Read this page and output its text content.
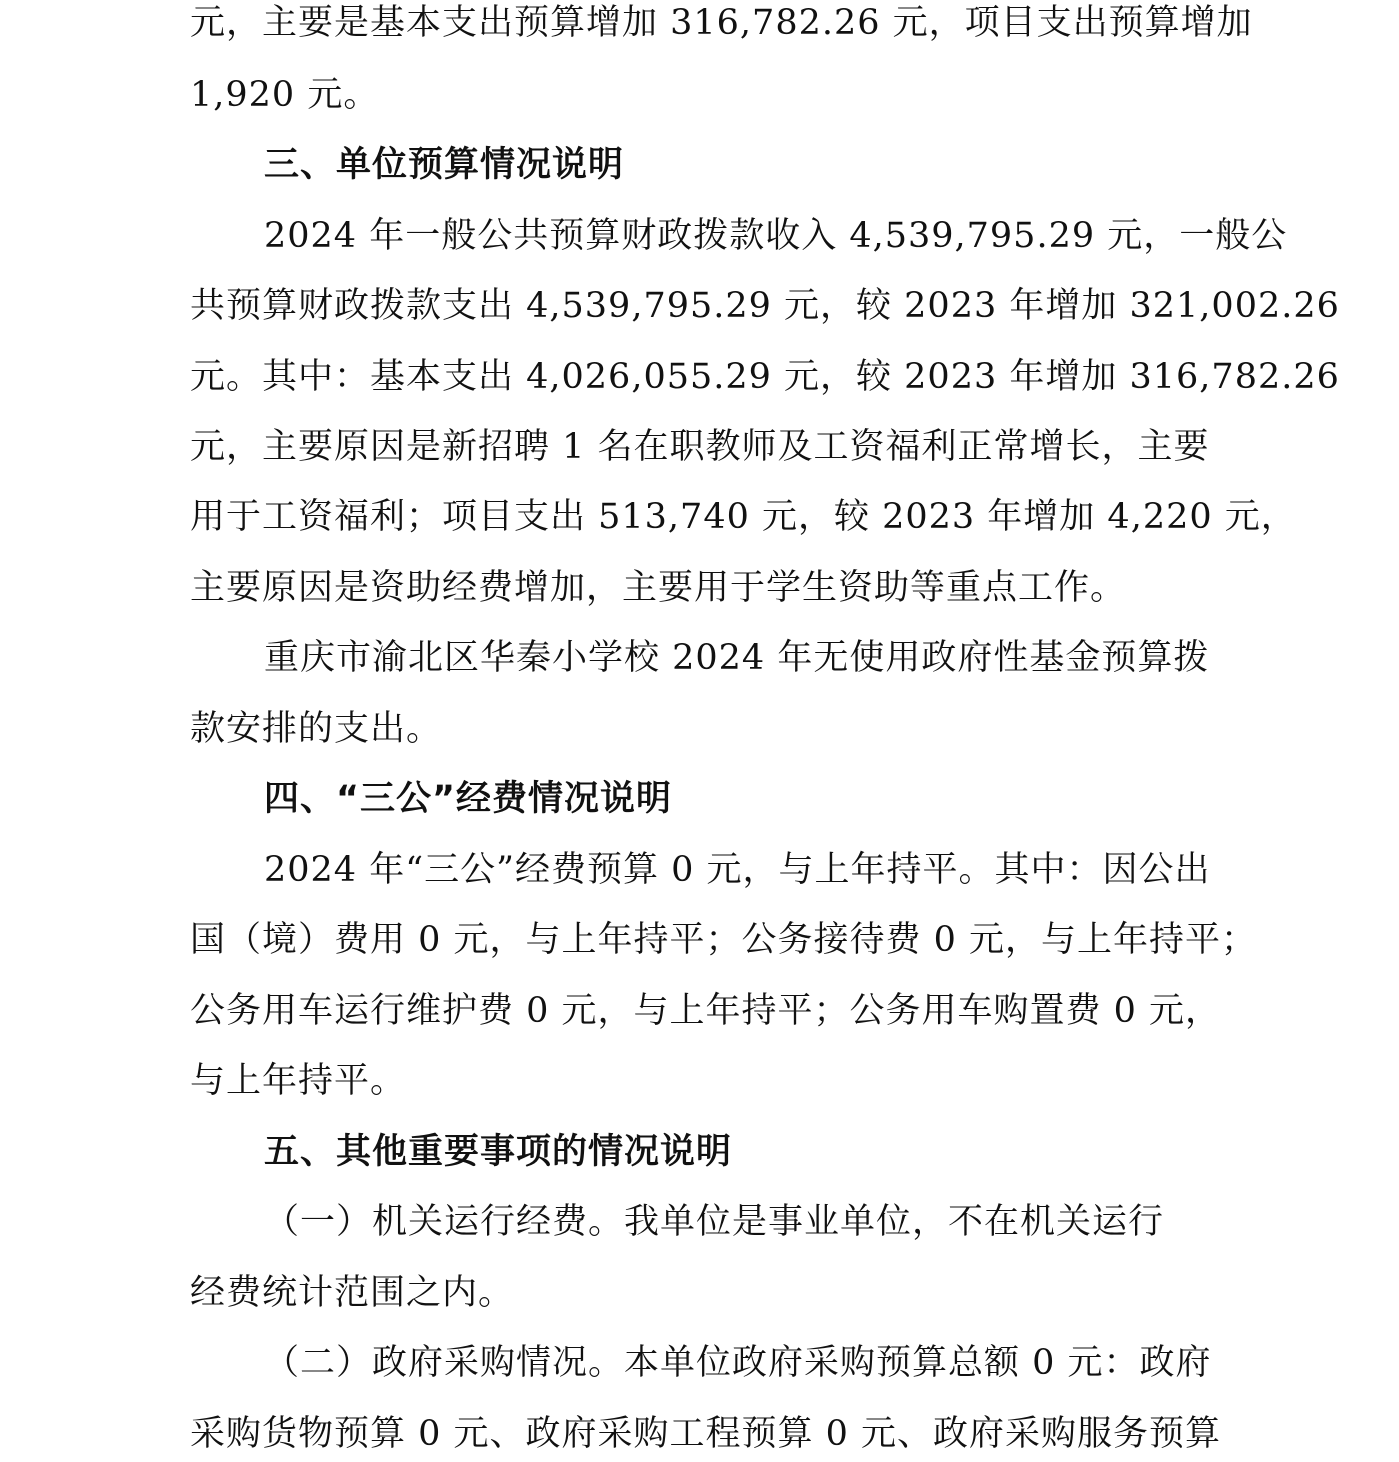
元，主要是基本支出预算增加 316,782.26 元，项目支出预算增加
1,920 元。
三、单位预算情况说明
2024 年一般公共预算财政拨款收入 4,539,795.29 元，一般公
共预算财政拨款支出 4,539,795.29 元，较 2023 年增加 321,002.26
元。其中：基本支出 4,026,055.29 元，较 2023 年增加 316,782.26
元，主要原因是新招聘 1 名在职教师及工资福利正常增长，主要
用于工资福利；项目支出 513,740 元，较 2023 年增加 4,220 元，
主要原因是资助经费增加，主要用于学生资助等重点工作。
重庆市渝北区华秦小学校 2024 年无使用政府性基金预算拨
款安排的支出。
四、“三公”经费情况说明
2024 年“三公”经费预算 0 元，与上年持平。其中：因公出
国（境）费用 0 元，与上年持平；公务接待费 0 元，与上年持平；
公务用车运行维护费 0 元，与上年持平；公务用车购置费 0 元，
与上年持平。
五、其他重要事项的情况说明
（一）机关运行经费。我单位是事业单位，不在机关运行
经费统计范围之内。
（二）政府采购情况。本单位政府采购预算总额 0 元：政府
采购货物预算 0 元、政府采购工程预算 0 元、政府采购服务预算
